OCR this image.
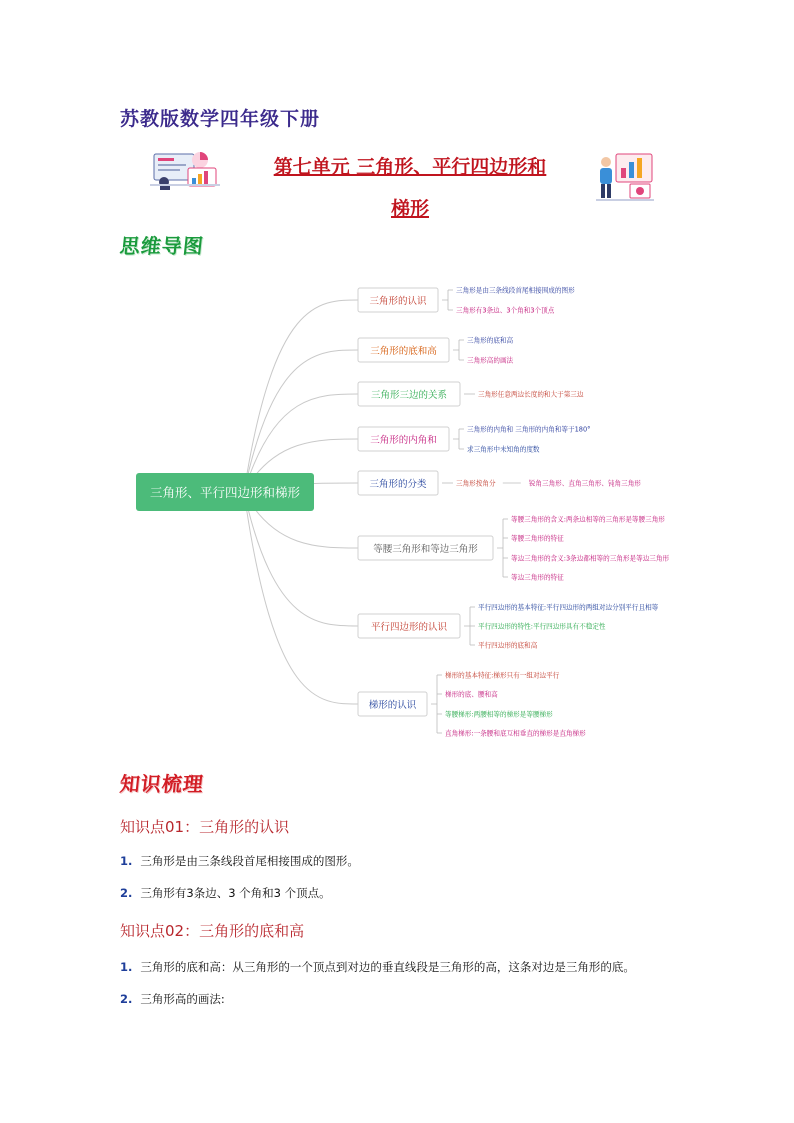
苏教版数学四年级下册
第七单元 三角形、平行四边形和
梯形
思维导图
三角形、平行四边形和梯形
三角形的认识
三角形是由三条线段首尾相接围成的图形
三角形有3条边、3个角和3个顶点
三角形的底和高
三角形的底和高
三角形高的画法
三角形三边的关系	三角形任意两边长度的和大于第三边
三角形的内角和
三角形的内角和 三角形的内角和等于180°
求三角形中未知角的度数
三角形的分类	三角形按角分	锐角三角形、直角三角形、钝角三角形
等腰三角形和等边三角形
等腰三角形的含义:两条边相等的三角形是等腰三角形
等腰三角形的特征
等边三角形的含义:3条边都相等的三角形是等边三角形
等边三角形的特征
平行四边形的认识
平行四边形的基本特征:平行四边形的两组对边分别平行且相等
平行四边形的特性:平行四边形具有不稳定性
平行四边形的底和高
梯形的认识
梯形的基本特征:梯形只有一组对边平行
梯形的底、腰和高
等腰梯形:两腰相等的梯形是等腰梯形
直角梯形:一条腰和底互相垂直的梯形是直角梯形
知识梳理
知识点01：三角形的认识
1. 三角形是由三条线段首尾相接围成的图形。
2. 三角形有3条边、3 个角和3 个顶点。
知识点02：三角形的底和高
1. 三角形的底和高：从三角形的一个顶点到对边的垂直线段是三角形的高，这条对边是三角形的底。
2. 三角形高的画法:
